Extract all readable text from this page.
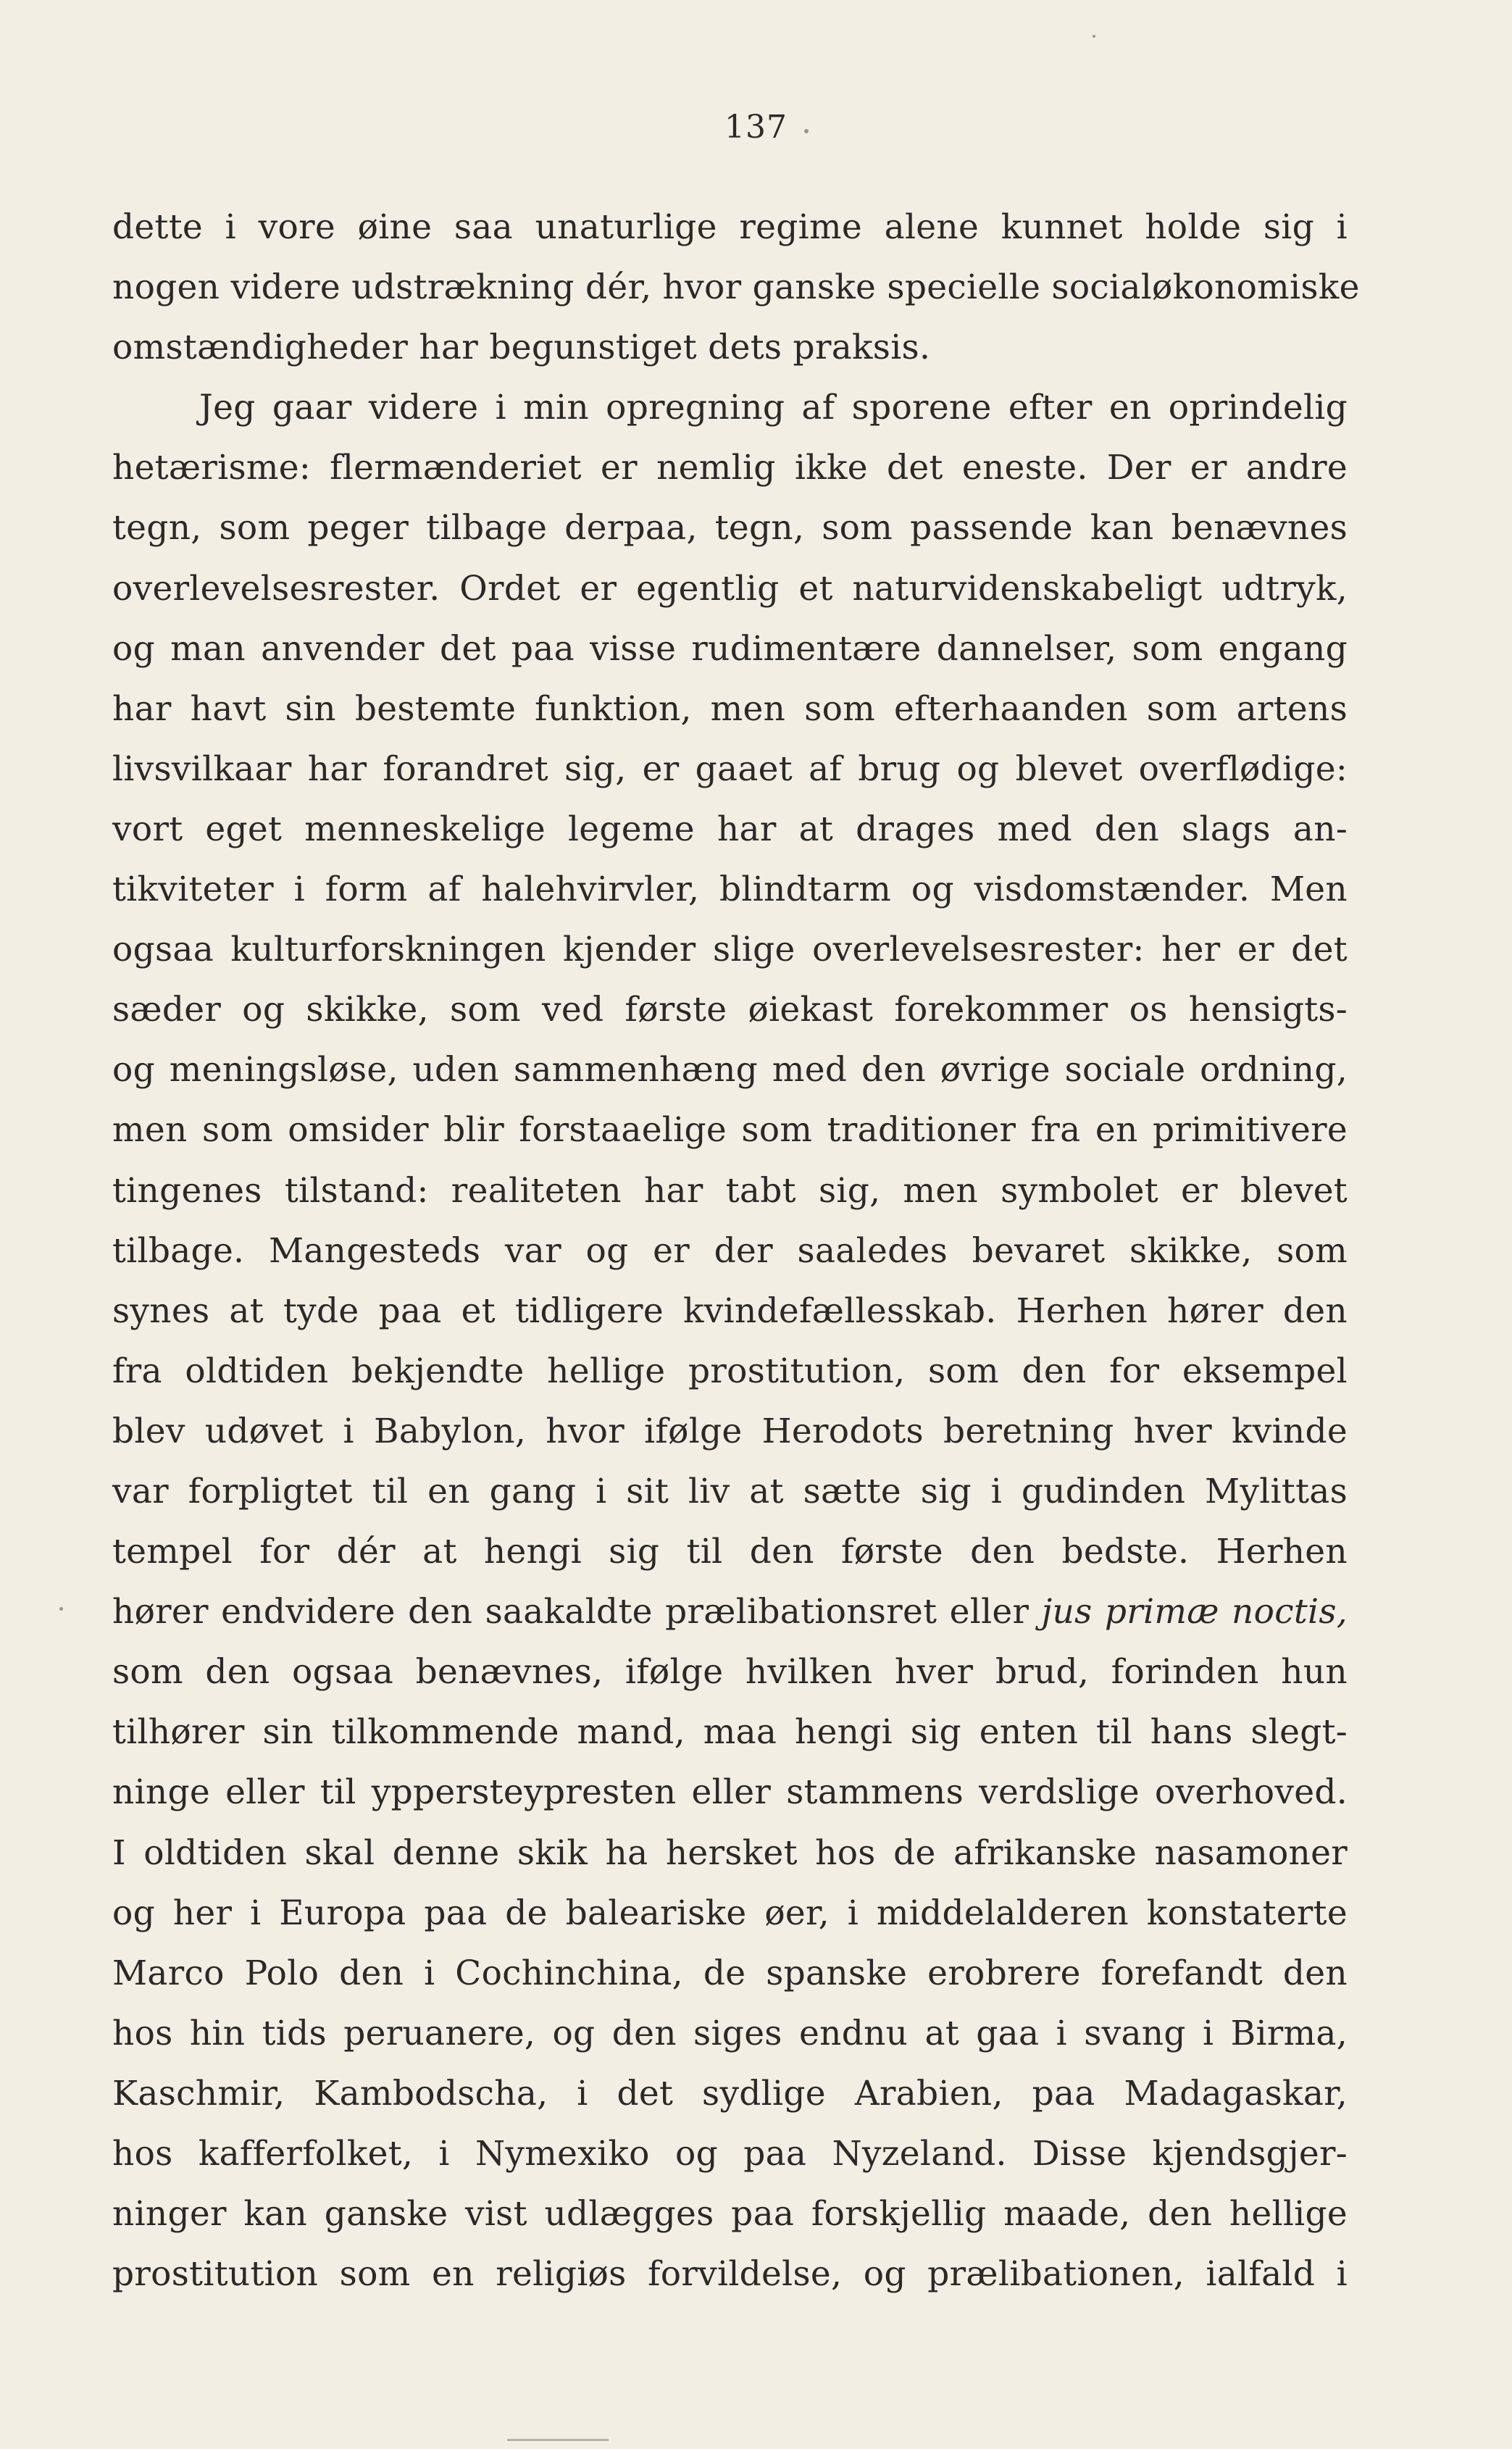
137
dette i vore øine saa unaturlige regime alene kunnet holde sig i
nogen videre udstrækning dér, hvor ganske specielle socialøkonomiske
omstændigheder har begunstiget dets praksis.
Jeg gaar videre i min opregning af sporene efter en oprindelig
hetærisme: flermænderiet er nemlig ikke det eneste. Der er andre
tegn, som peger tilbage derpaa, tegn, som passende kan benævnes
overlevelsesrester. Ordet er egentlig et naturvidenskabeligt udtryk,
og man anvender det paa visse rudimentære dannelser, som engang
har havt sin bestemte funktion, men som efterhaanden som artens
livsvilkaar har forandret sig, er gaaet af brug og blevet overflødige:
vort eget menneskelige legeme har at drages med den slags an-
tikviteter i form af halehvirvler, blindtarm og visdomstænder. Men
ogsaa kulturforskningen kjender slige overlevelsesrester: her er det
sæder og skikke, som ved første øiekast forekommer os hensigts-
og meningsløse, uden sammenhæng med den øvrige sociale ordning,
men som omsider blir forstaaelige som traditioner fra en primitivere
tingenes tilstand: realiteten har tabt sig, men symbolet er blevet
tilbage. Mangesteds var og er der saaledes bevaret skikke, som
synes at tyde paa et tidligere kvindefællesskab. Herhen hører den
fra oldtiden bekjendte hellige prostitution, som den for eksempel
blev udøvet i Babylon, hvor ifølge Herodots beretning hver kvinde
var forpligtet til en gang i sit liv at sætte sig i gudinden Mylittas
tempel for dér at hengi sig til den første den bedste. Herhen
hører endvidere den saakaldte prælibationsret eller jus primæ noctis,
som den ogsaa benævnes, ifølge hvilken hver brud, forinden hun
tilhører sin tilkommende mand, maa hengi sig enten til hans slegt-
ninge eller til yppersteypresten eller stammens verdslige overhoved.
I oldtiden skal denne skik ha hersket hos de afrikanske nasamoner
og her i Europa paa de baleariske øer, i middelalderen konstaterte
Marco Polo den i Cochinchina, de spanske erobrere forefandt den
hos hin tids peruanere, og den siges endnu at gaa i svang i Birma,
Kaschmir, Kambodscha, i det sydlige Arabien, paa Madagaskar,
hos kafferfolket, i Nymexiko og paa Nyzeland. Disse kjendsgjer-
ninger kan ganske vist udlægges paa forskjellig maade, den hellige
prostitution som en religiøs forvildelse, og prælibationen, ialfald i
